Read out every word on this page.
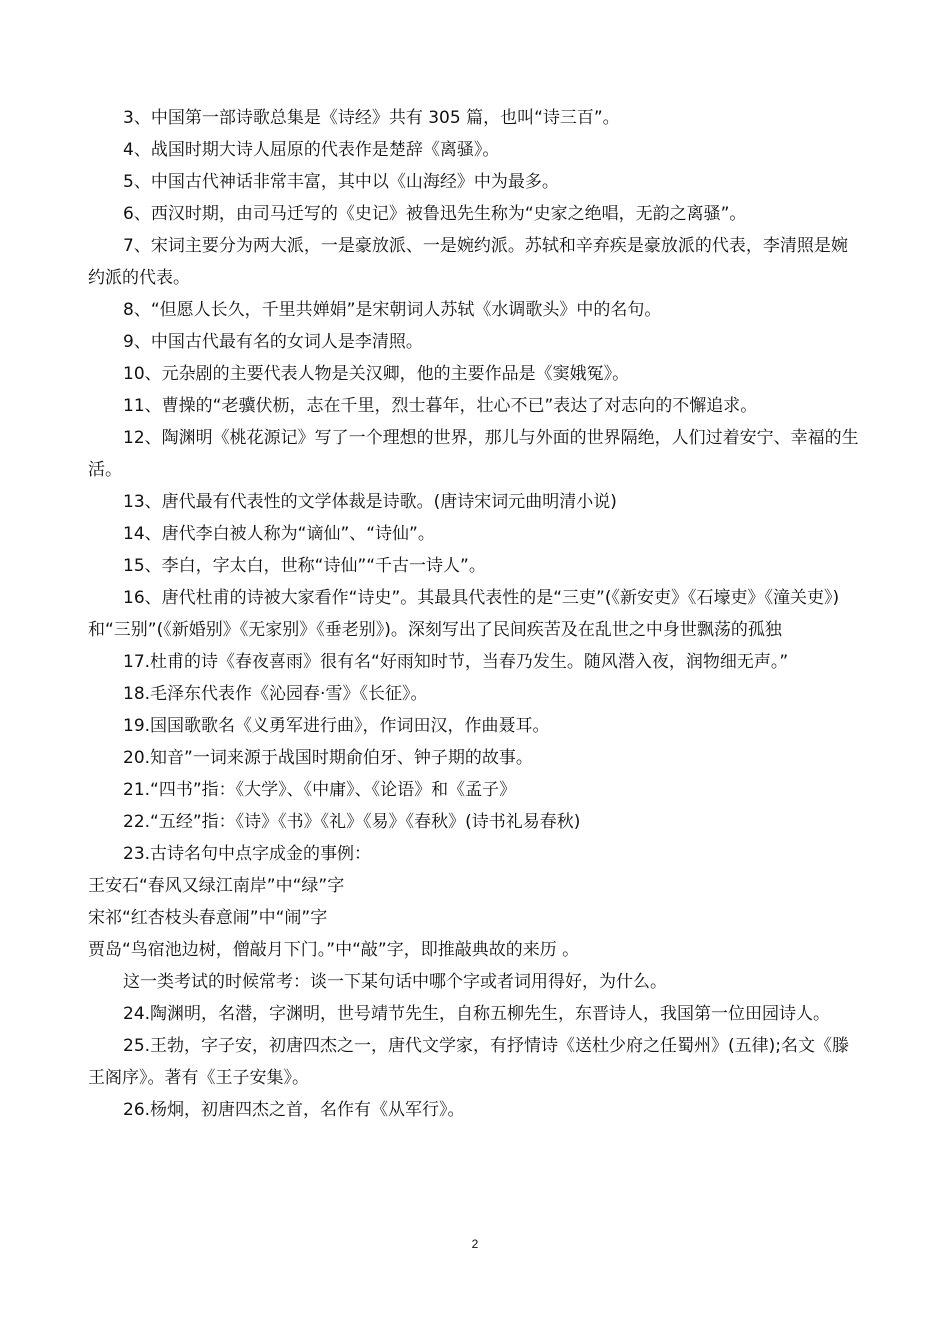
3、中国第一部诗歌总集是《诗经》共有 305 篇，也叫“诗三百”。

4、战国时期大诗人屈原的代表作是楚辞《离骚》。

5、中国古代神话非常丰富，其中以《山海经》中为最多。

6、西汉时期，由司马迁写的《史记》被鲁迅先生称为“史家之绝唱，无韵之离骚”。

7、宋词主要分为两大派，一是豪放派、一是婉约派。苏轼和辛弃疾是豪放派的代表，李清照是婉约派的代表。

8、“但愿人长久，千里共婵娟”是宋朝词人苏轼《水调歌头》中的名句。

9、中国古代最有名的女词人是李清照。

10、元杂剧的主要代表人物是关汉卿，他的主要作品是《窦娥冤》。

11、曹操的“老骥伏枥，志在千里，烈士暮年，壮心不已”表达了对志向的不懈追求。

12、陶渊明《桃花源记》写了一个理想的世界，那儿与外面的世界隔绝，人们过着安宁、幸福的生活。

13、唐代最有代表性的文学体裁是诗歌。(唐诗宋词元曲明清小说)

14、唐代李白被人称为“谪仙”、“诗仙”。

15、李白，字太白，世称“诗仙”“千古一诗人”。

16、唐代杜甫的诗被大家看作“诗史”。其最具代表性的是“三吏”(《新安吏》《石壕吏》《潼关吏》)和“三别”(《新婚别》《无家别》《垂老别》)。深刻写出了民间疾苦及在乱世之中身世飘荡的孤独

17.杜甫的诗《春夜喜雨》很有名“好雨知时节，当春乃发生。随风潜入夜，润物细无声。”

18.毛泽东代表作《沁园春·雪》《长征》。

19.国国歌歌名《义勇军进行曲》，作词田汉，作曲聂耳。

20.知音”一词来源于战国时期俞伯牙、钟子期的故事。

21.“四书”指：《大学》、《中庸》、《论语》和《孟子》

22.“五经”指：《诗》《书》《礼》《易》《春秋》(诗书礼易春秋)

23.古诗名句中点字成金的事例：

王安石“春风又绿江南岸”中“绿”字

宋祁“红杏枝头春意闹”中“闹”字

贾岛“鸟宿池边树，僧敲月下门。”中“敲”字，即推敲典故的来历 。

这一类考试的时候常考：谈一下某句话中哪个字或者词用得好，为什么。

24.陶渊明，名潜，字渊明，世号靖节先生，自称五柳先生，东晋诗人，我国第一位田园诗人。

25.王勃，字子安，初唐四杰之一，唐代文学家，有抒情诗《送杜少府之任蜀州》(五律);名文《滕王阁序》。著有《王子安集》。

26.杨炯，初唐四杰之首，名作有《从军行》。

2
